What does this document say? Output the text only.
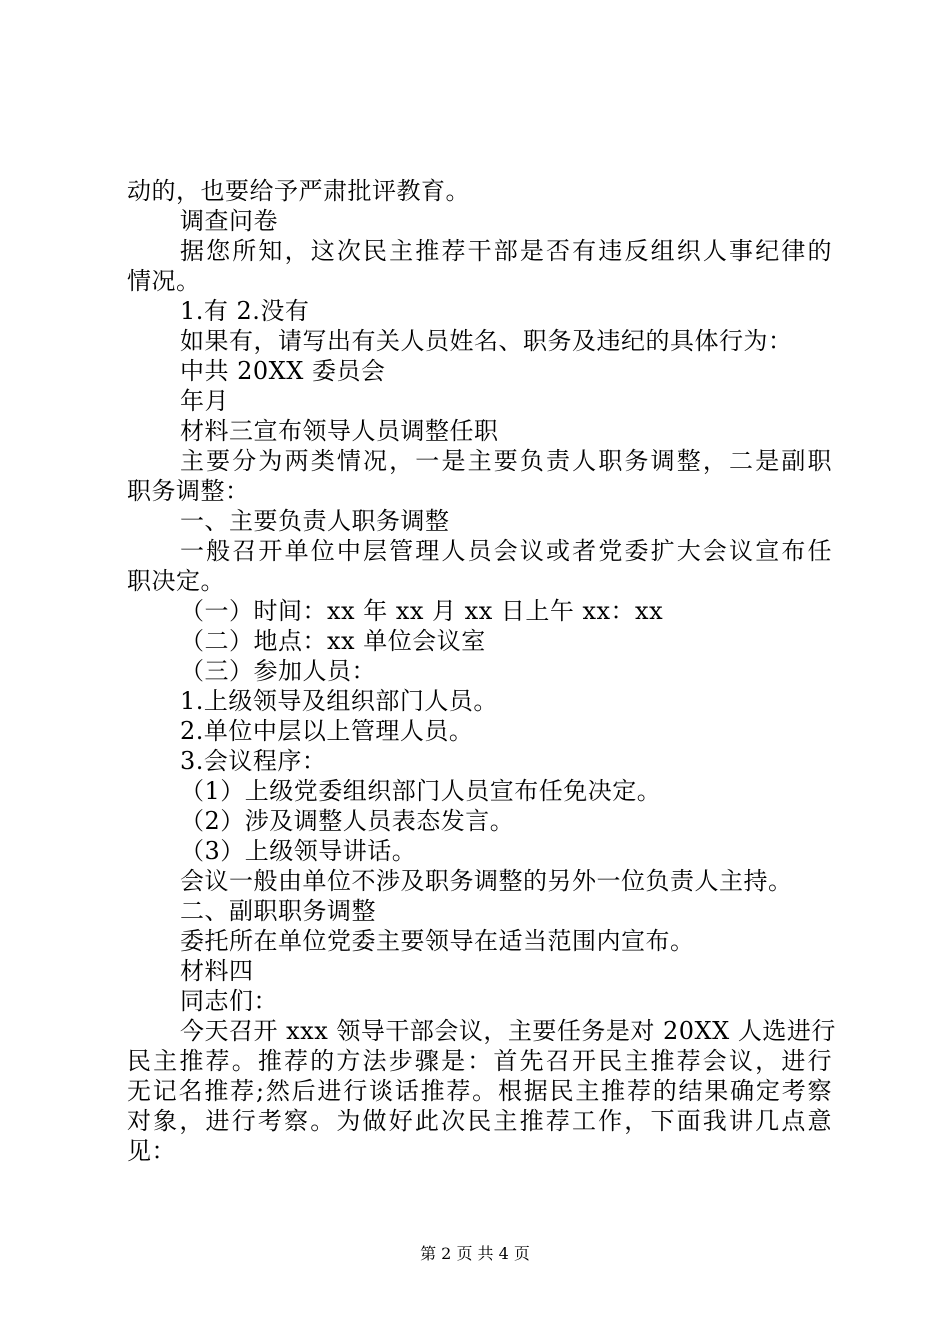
动的，也要给予严肃批评教育。
调查问卷
据您所知，这次民主推荐干部是否有违反组织人事纪律的
情况。
1.有 2.没有
如果有，请写出有关人员姓名、职务及违纪的具体行为：
中共 20XX 委员会
年月
材料三宣布领导人员调整任职
主要分为两类情况，一是主要负责人职务调整，二是副职
职务调整：
一、主要负责人职务调整
一般召开单位中层管理人员会议或者党委扩大会议宣布任
职决定。
（一）时间：xx 年 xx 月 xx 日上午 xx：xx
（二）地点：xx 单位会议室
（三）参加人员：
1.上级领导及组织部门人员。
2.单位中层以上管理人员。
3.会议程序：
（1）上级党委组织部门人员宣布任免决定。
（2）涉及调整人员表态发言。
（3）上级领导讲话。
会议一般由单位不涉及职务调整的另外一位负责人主持。
二、副职职务调整
委托所在单位党委主要领导在适当范围内宣布。
材料四
同志们：
今天召开 xxx 领导干部会议，主要任务是对 20XX 人选进行
民主推荐。推荐的方法步骤是：首先召开民主推荐会议，进行
无记名推荐;然后进行谈话推荐。根据民主推荐的结果确定考察
对象，进行考察。为做好此次民主推荐工作，下面我讲几点意
见：
第 2 页 共 4 页
